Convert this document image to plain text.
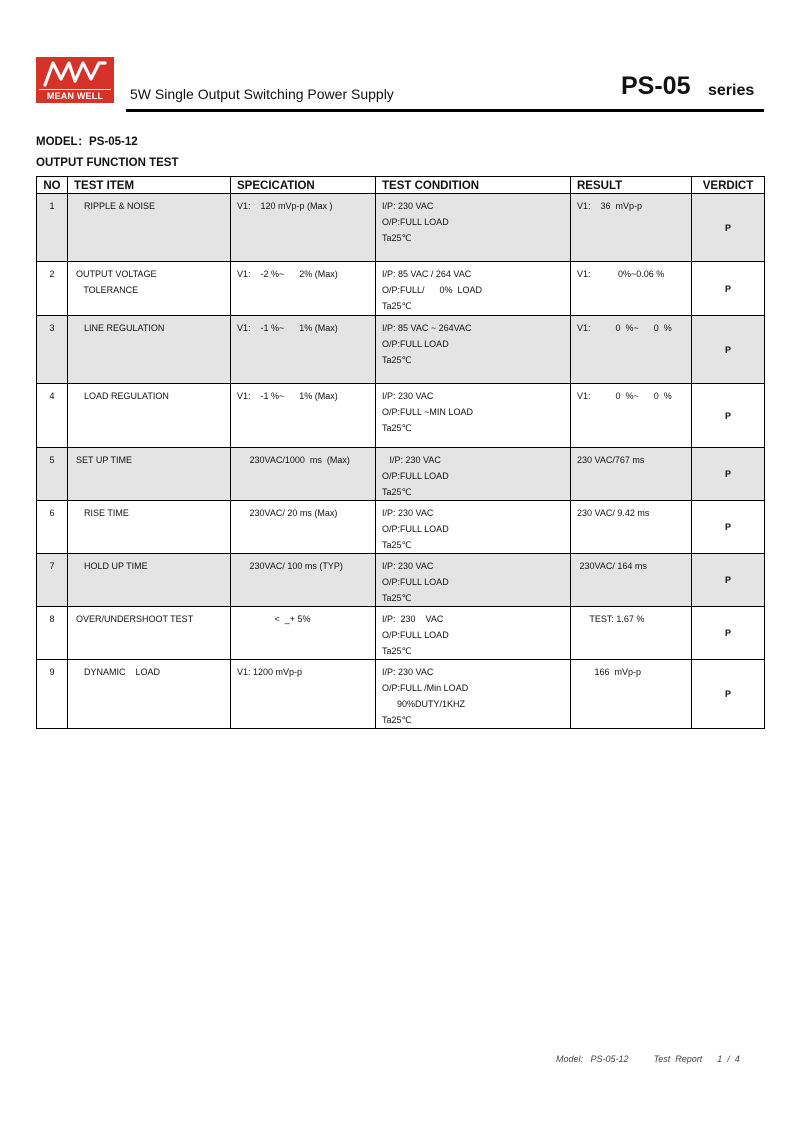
MEAN WELL	5W Single Output Switching Power Supply	PS-05 series
MODEL：PS-05-12
OUTPUT FUNCTION TEST
NO	TEST ITEM	SPECICATION	TEST CONDITION	RESULT	VERDICT
1	RIPPLE & NOISE	V1:    120 mVp-p (Max )	I/P: 230 VAC
O/P:FULL LOAD
Ta25℃	V1:    36  mVp-p	P
2	OUTPUT VOLTAGE
TOLERANCE	V1:    -2 %~      2% (Max)	I/P: 85 VAC / 264 VAC
O/P:FULL/      0%  LOAD
Ta25℃	V1:           0%~0.06 %	P
3	LINE REGULATION	V1:    -1 %~      1% (Max)	I/P: 85 VAC ~ 264VAC
O/P:FULL LOAD
Ta25℃	V1:          0  %~      0  %	P
4	LOAD REGULATION	V1:    -1 %~      1% (Max)	I/P: 230 VAC
O/P:FULL ~MIN LOAD
Ta25℃	V1:          0  %~      0  %	P
5	SET UP TIME	230VAC/1000  ms  (Max)	I/P: 230 VAC
O/P:FULL LOAD
Ta25℃	230 VAC/767 ms	P
6	RISE TIME	230VAC/ 20 ms (Max)	I/P: 230 VAC
O/P:FULL LOAD
Ta25℃	230 VAC/ 9.42 ms	P
7	HOLD UP TIME	230VAC/ 100 ms (TYP)	I/P: 230 VAC
O/P:FULL LOAD
Ta25℃	230VAC/ 164 ms	P
8	OVER/UNDERSHOOT TEST	<  _+ 5%	I/P:  230    VAC
O/P:FULL LOAD
Ta25℃	TEST: 1.67 %	P
9	DYNAMIC    LOAD	V1: 1200 mVp-p	I/P: 230 VAC
O/P:FULL /Min LOAD
90%DUTY/1KHZ
Ta25℃	166  mVp-p	P
Model:   PS-05-12	Test  Report 1  /  4
